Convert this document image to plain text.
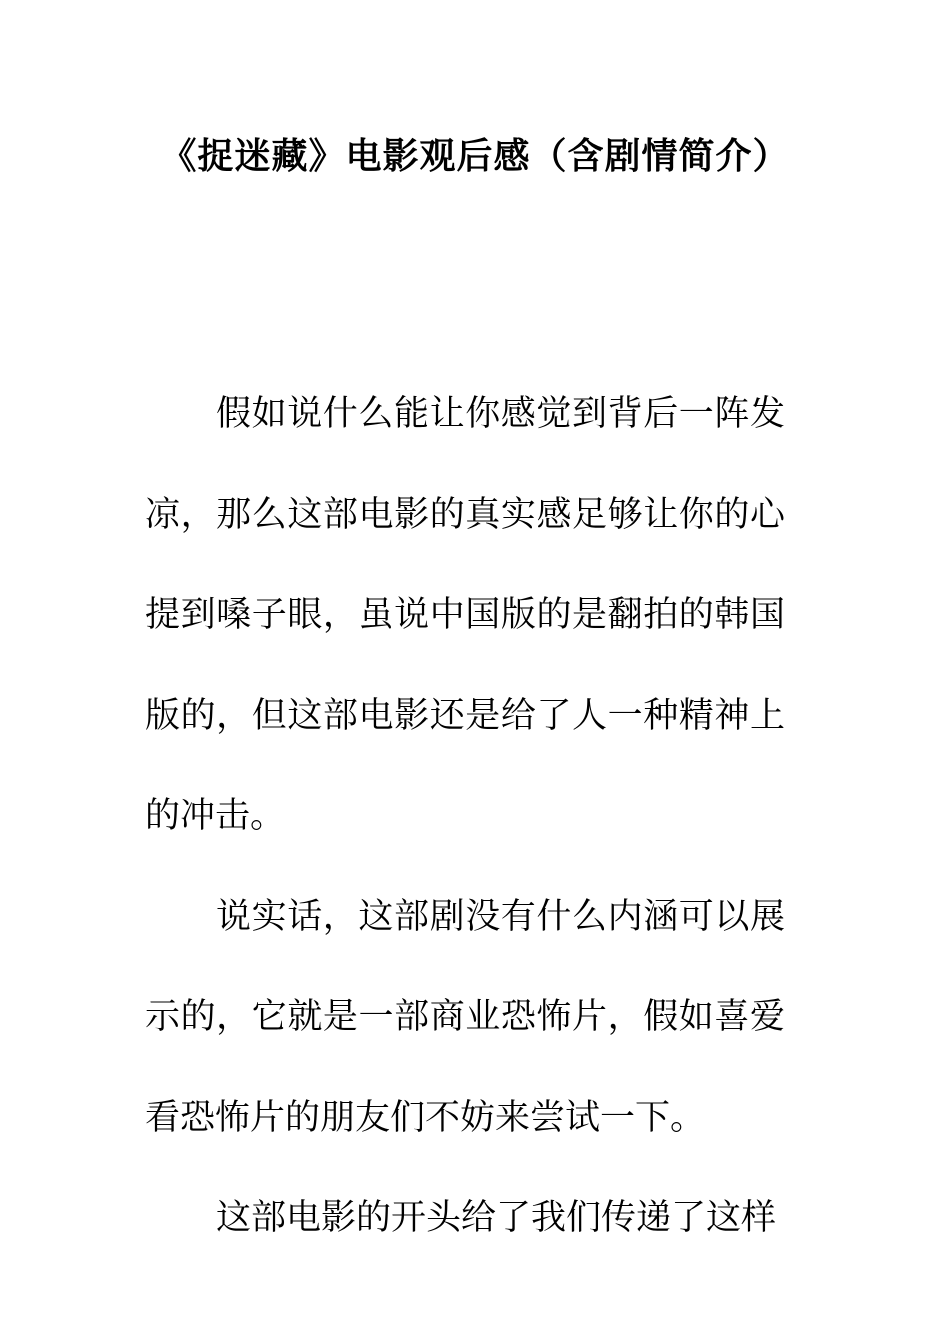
《捉迷藏》电影观后感（含剧情简介）

假如说什么能让你感觉到背后一阵发凉，那么这部电影的真实感足够让你的心提到嗓子眼，虽说中国版的是翻拍的韩国版的，但这部电影还是给了人一种精神上的冲击。

说实话，这部剧没有什么内涵可以展示的，它就是一部商业恐怖片，假如喜爱看恐怖片的朋友们不妨来尝试一下。

这部电影的开头给了我们传递了这样
